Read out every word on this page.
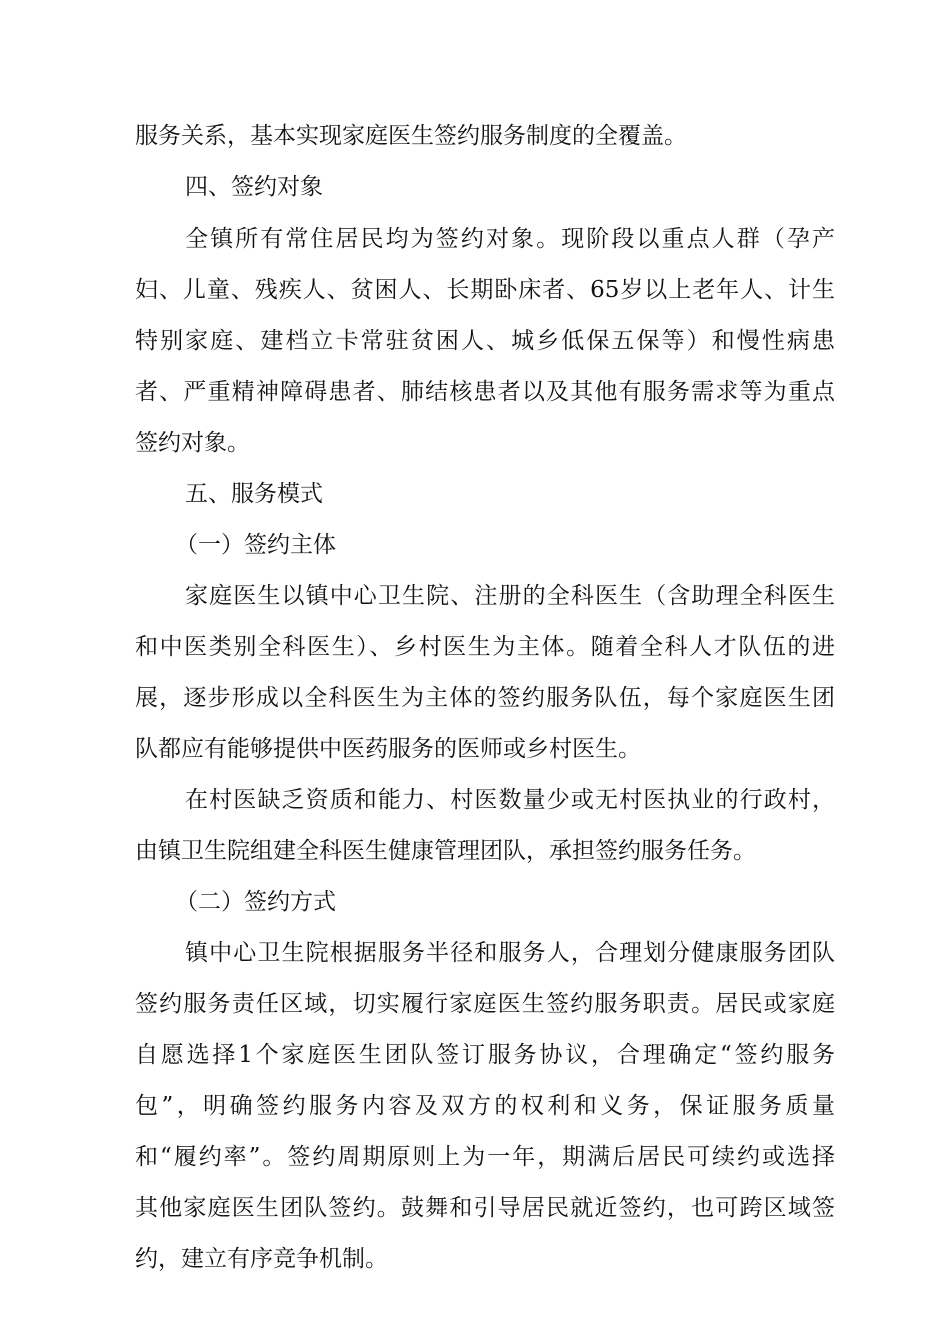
服务关系，基本实现家庭医生签约服务制度的全覆盖。
四、签约对象
全镇所有常住居民均为签约对象。现阶段以重点人群（孕产
妇、儿童、残疾人、贫困人、长期卧床者、65岁以上老年人、计生
特别家庭、建档立卡常驻贫困人、城乡低保五保等）和慢性病患
者、严重精神障碍患者、肺结核患者以及其他有服务需求等为重点
签约对象。
五、服务模式
（一）签约主体
家庭医生以镇中心卫生院、注册的全科医生（含助理全科医生
和中医类别全科医生）、乡村医生为主体。随着全科人才队伍的进
展，逐步形成以全科医生为主体的签约服务队伍，每个家庭医生团
队都应有能够提供中医药服务的医师或乡村医生。
在村医缺乏资质和能力、村医数量少或无村医执业的行政村，
由镇卫生院组建全科医生健康管理团队，承担签约服务任务。
（二）签约方式
镇中心卫生院根据服务半径和服务人，合理划分健康服务团队
签约服务责任区域，切实履行家庭医生签约服务职责。居民或家庭
自愿选择1个家庭医生团队签订服务协议，合理确定“签约服务
包”，明确签约服务内容及双方的权利和义务，保证服务质量
和“履约率”。签约周期原则上为一年，期满后居民可续约或选择
其他家庭医生团队签约。鼓舞和引导居民就近签约，也可跨区域签
约，建立有序竞争机制。
